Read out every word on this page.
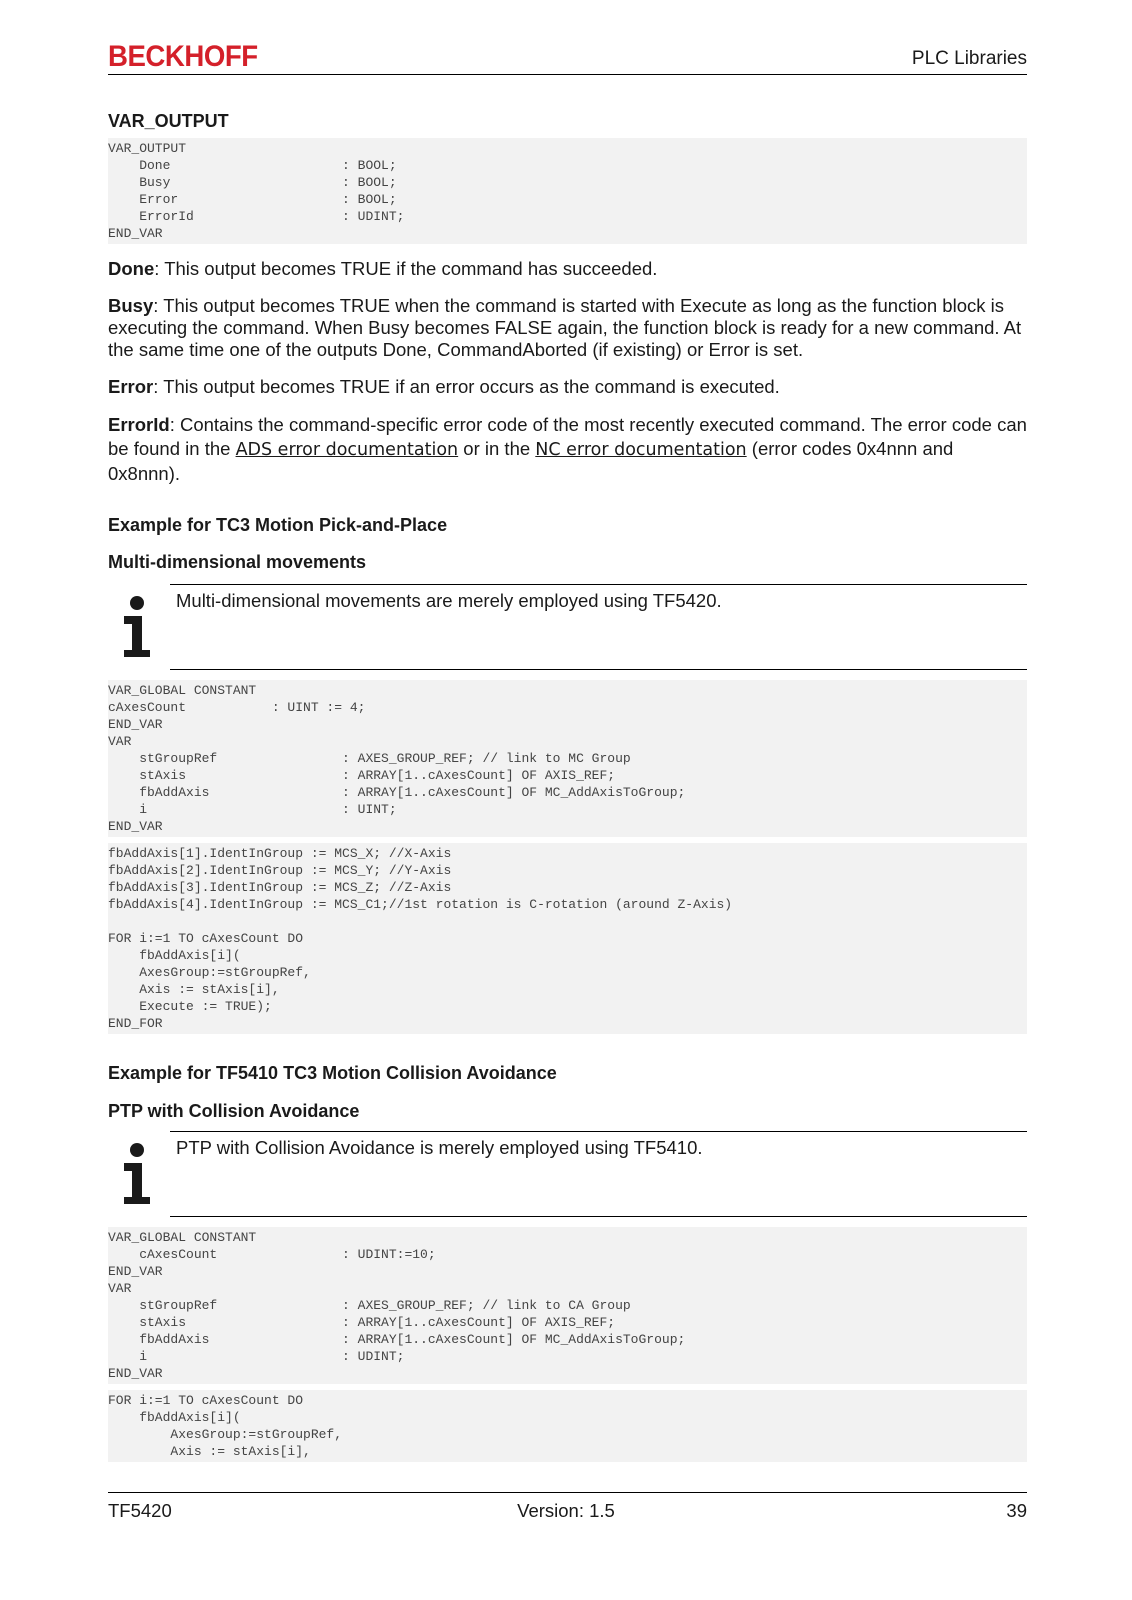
BECKHOFF	PLC Libraries
VAR_OUTPUT
VAR_OUTPUT
Done                      : BOOL;
Busy                      : BOOL;
Error                     : BOOL;
ErrorId                   : UDINT;
END_VAR

Done: This output becomes TRUE if the command has succeeded.

Busy: This output becomes TRUE when the command is started with Execute as long as the function block is executing the command. When Busy becomes FALSE again, the function block is ready for a new command. At the same time one of the outputs Done, CommandAborted (if existing) or Error is set.

Error: This output becomes TRUE if an error occurs as the command is executed.

ErrorId: Contains the command-specific error code of the most recently executed command. The error code can be found in the ADS error documentation or in the NC error documentation (error codes 0x4nnn and 0x8nnn).

Example for TC3 Motion Pick-and-Place
Multi-dimensional movements
Multi-dimensional movements are merely employed using TF5420.
VAR_GLOBAL CONSTANT
cAxesCount           : UINT := 4;
END_VAR
VAR
stGroupRef                : AXES_GROUP_REF; // link to MC Group
stAxis                    : ARRAY[1..cAxesCount] OF AXIS_REF;
fbAddAxis                 : ARRAY[1..cAxesCount] OF MC_AddAxisToGroup;
i                         : UINT;
END_VAR
fbAddAxis[1].IdentInGroup := MCS_X; //X-Axis
fbAddAxis[2].IdentInGroup := MCS_Y; //Y-Axis
fbAddAxis[3].IdentInGroup := MCS_Z; //Z-Axis
fbAddAxis[4].IdentInGroup := MCS_C1;//1st rotation is C-rotation (around Z-Axis)

FOR i:=1 TO cAxesCount DO
fbAddAxis[i](
AxesGroup:=stGroupRef,
Axis := stAxis[i],
Execute := TRUE);
END_FOR
Example for TF5410 TC3 Motion Collision Avoidance
PTP with Collision Avoidance
PTP with Collision Avoidance is merely employed using TF5410.
VAR_GLOBAL CONSTANT
cAxesCount                : UDINT:=10;
END_VAR
VAR
stGroupRef                : AXES_GROUP_REF; // link to CA Group
stAxis                    : ARRAY[1..cAxesCount] OF AXIS_REF;
fbAddAxis                 : ARRAY[1..cAxesCount] OF MC_AddAxisToGroup;
i                         : UDINT;
END_VAR
FOR i:=1 TO cAxesCount DO
fbAddAxis[i](
AxesGroup:=stGroupRef,
Axis := stAxis[i],
TF5420	Version: 1.5	39
